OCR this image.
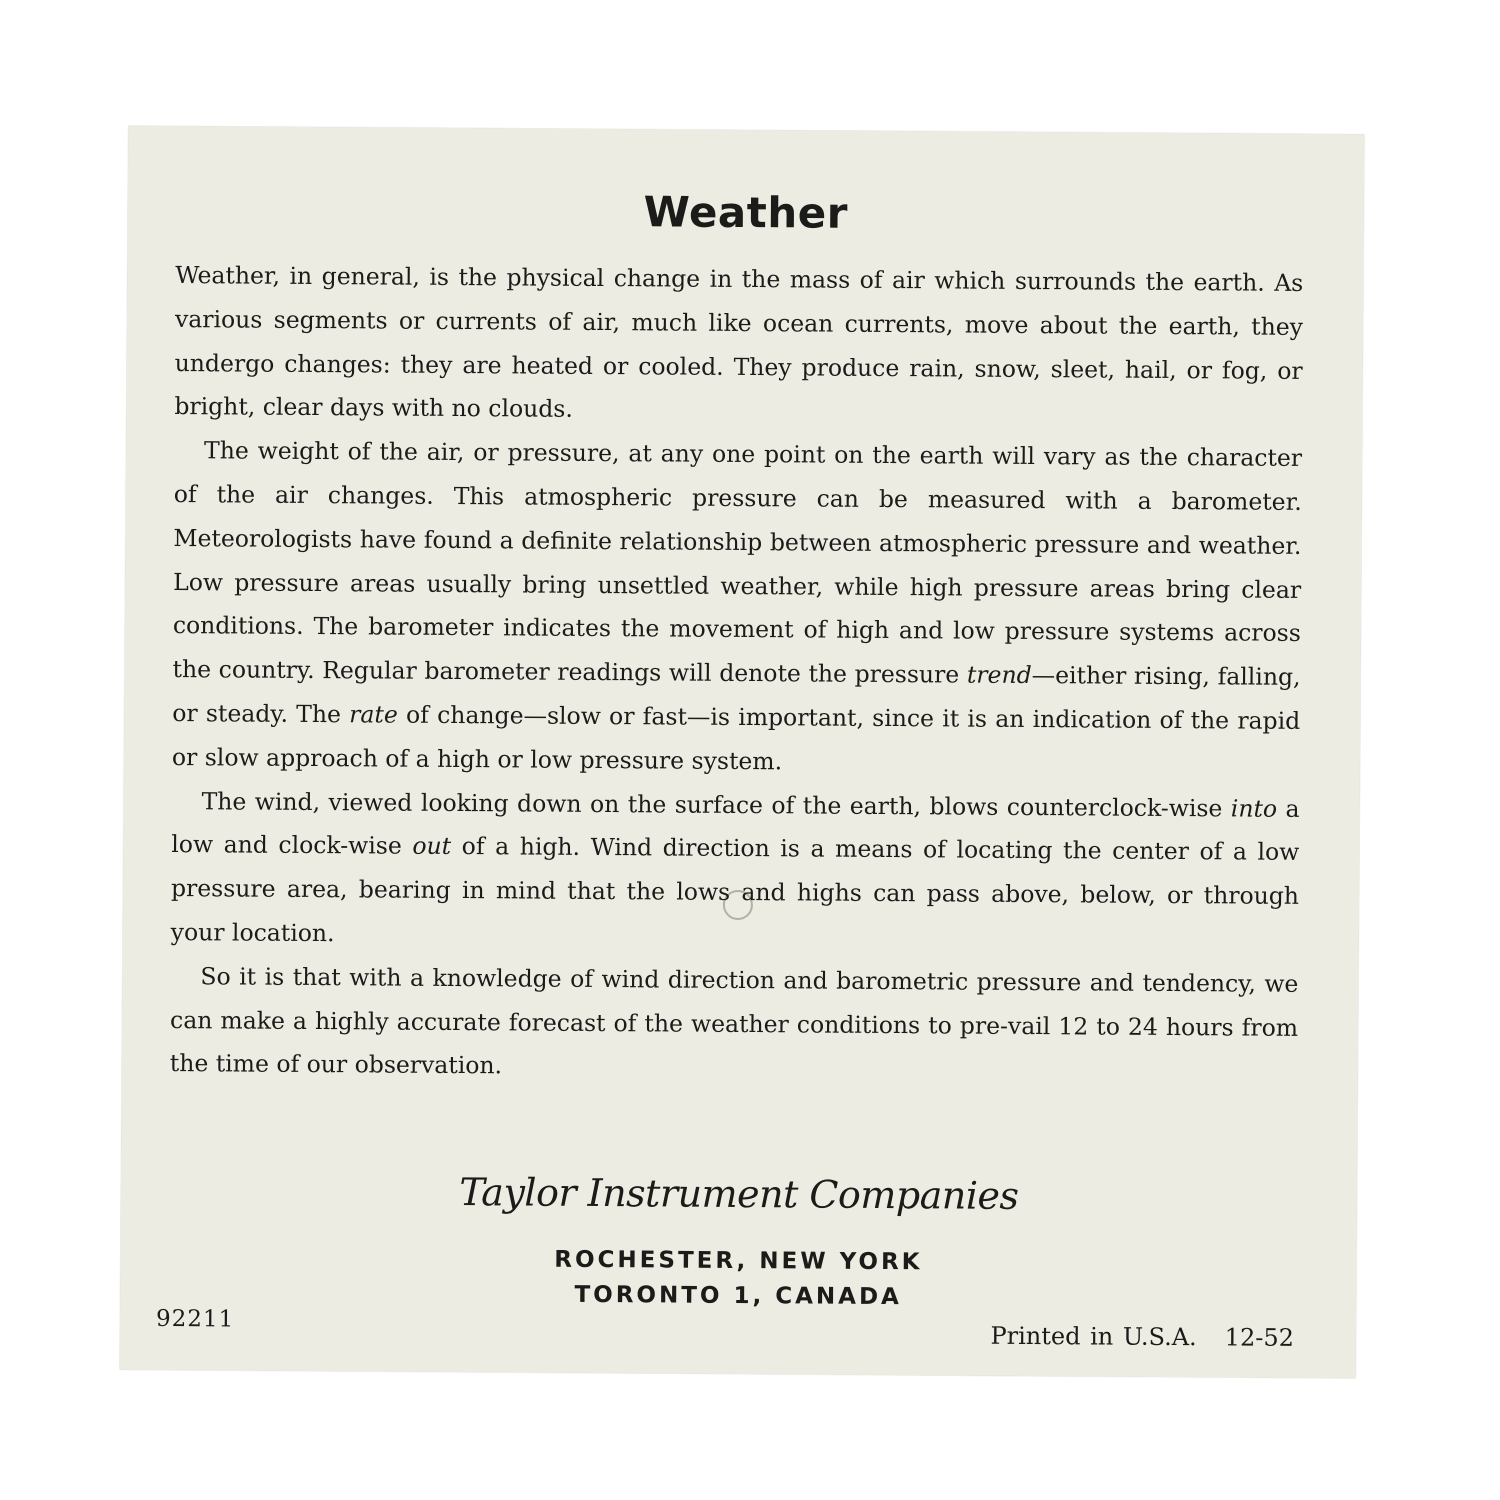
Weather

Weather, in general, is the physical change in the mass of air which surrounds the earth. As various segments or currents of air, much like ocean currents, move about the earth, they undergo changes: they are heated or cooled. They produce rain, snow, sleet, hail, or fog, or bright, clear days with no clouds.

The weight of the air, or pressure, at any one point on the earth will vary as the character of the air changes. This atmospheric pressure can be measured with a barometer. Meteorologists have found a definite relationship between atmospheric pressure and weather. Low pressure areas usually bring unsettled weather, while high pressure areas bring clear conditions. The barometer indicates the movement of high and low pressure systems across the country. Regular barometer readings will denote the pressure trend—either rising, falling, or steady. The rate of change—slow or fast—is important, since it is an indication of the rapid or slow approach of a high or low pressure system.

The wind, viewed looking down on the surface of the earth, blows counterclock-wise into a low and clock-wise out of a high. Wind direction is a means of locating the center of a low pressure area, bearing in mind that the lows and highs can pass above, below, or through your location.

So it is that with a knowledge of wind direction and barometric pressure and tendency, we can make a highly accurate forecast of the weather conditions to pre-vail 12 to 24 hours from the time of our observation.

Taylor Instrument Companies
ROCHESTER, NEW YORK
TORONTO 1, CANADA
92211
Printed in U.S.A. 12-52
